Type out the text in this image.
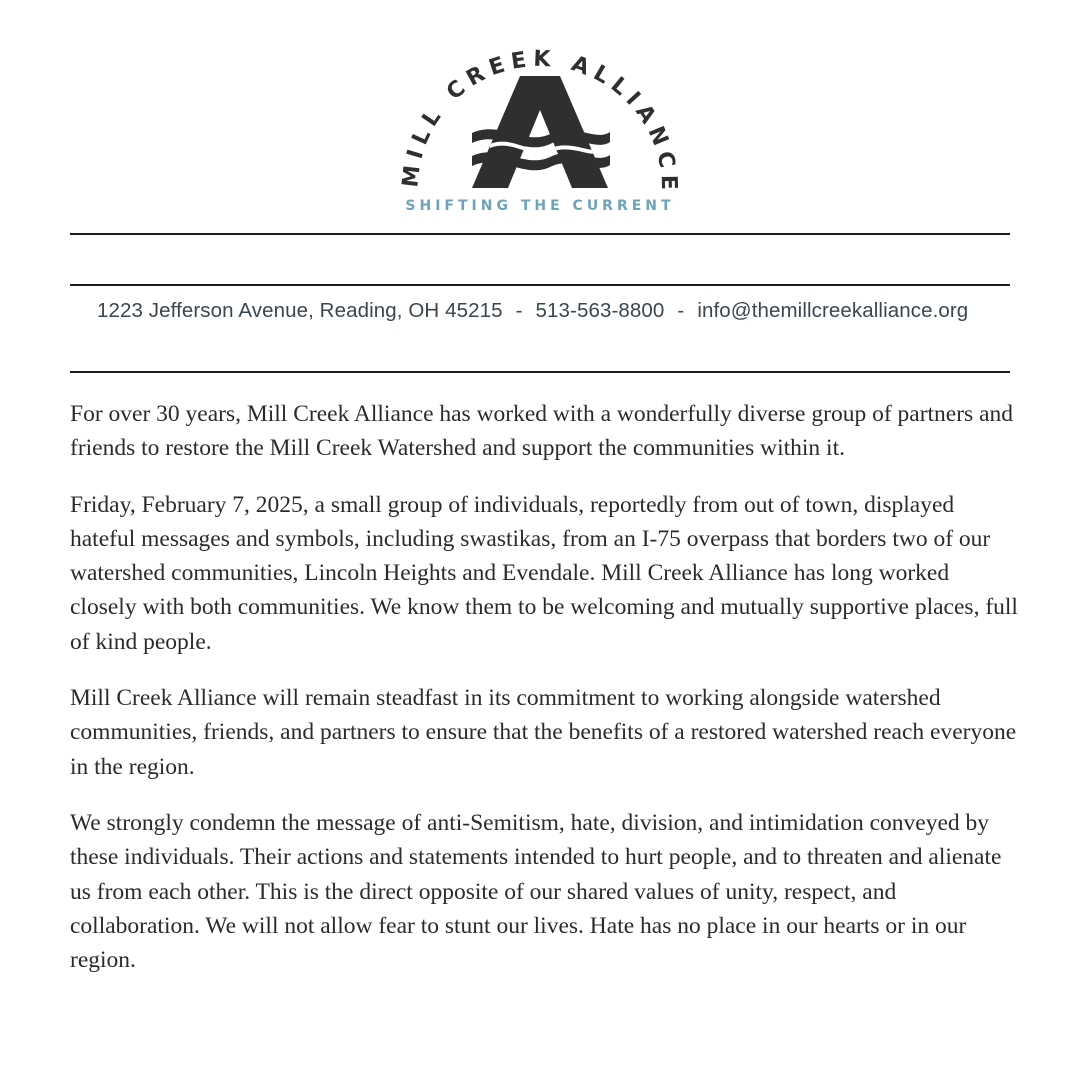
MILL CREEK ALLIANCE
SHIFTING THE CURRENT
1223 Jefferson Avenue, Reading, OH 45215 - 513-563-8800 - info@themillcreekalliance.org

For over 30 years, Mill Creek Alliance has worked with a wonderfully diverse group of partners and friends to restore the Mill Creek Watershed and support the communities within it.

Friday, February 7, 2025, a small group of individuals, reportedly from out of town, displayed hateful messages and symbols, including swastikas, from an I-75 overpass that borders two of our watershed communities, Lincoln Heights and Evendale. Mill Creek Alliance has long worked closely with both communities. We know them to be welcoming and mutually supportive places, full of kind people.

Mill Creek Alliance will remain steadfast in its commitment to working alongside watershed communities, friends, and partners to ensure that the benefits of a restored watershed reach everyone in the region.

We strongly condemn the message of anti-Semitism, hate, division, and intimidation conveyed by these individuals. Their actions and statements intended to hurt people, and to threaten and alienate us from each other. This is the direct opposite of our shared values of unity, respect, and collaboration. We will not allow fear to stunt our lives. Hate has no place in our hearts or in our region.
